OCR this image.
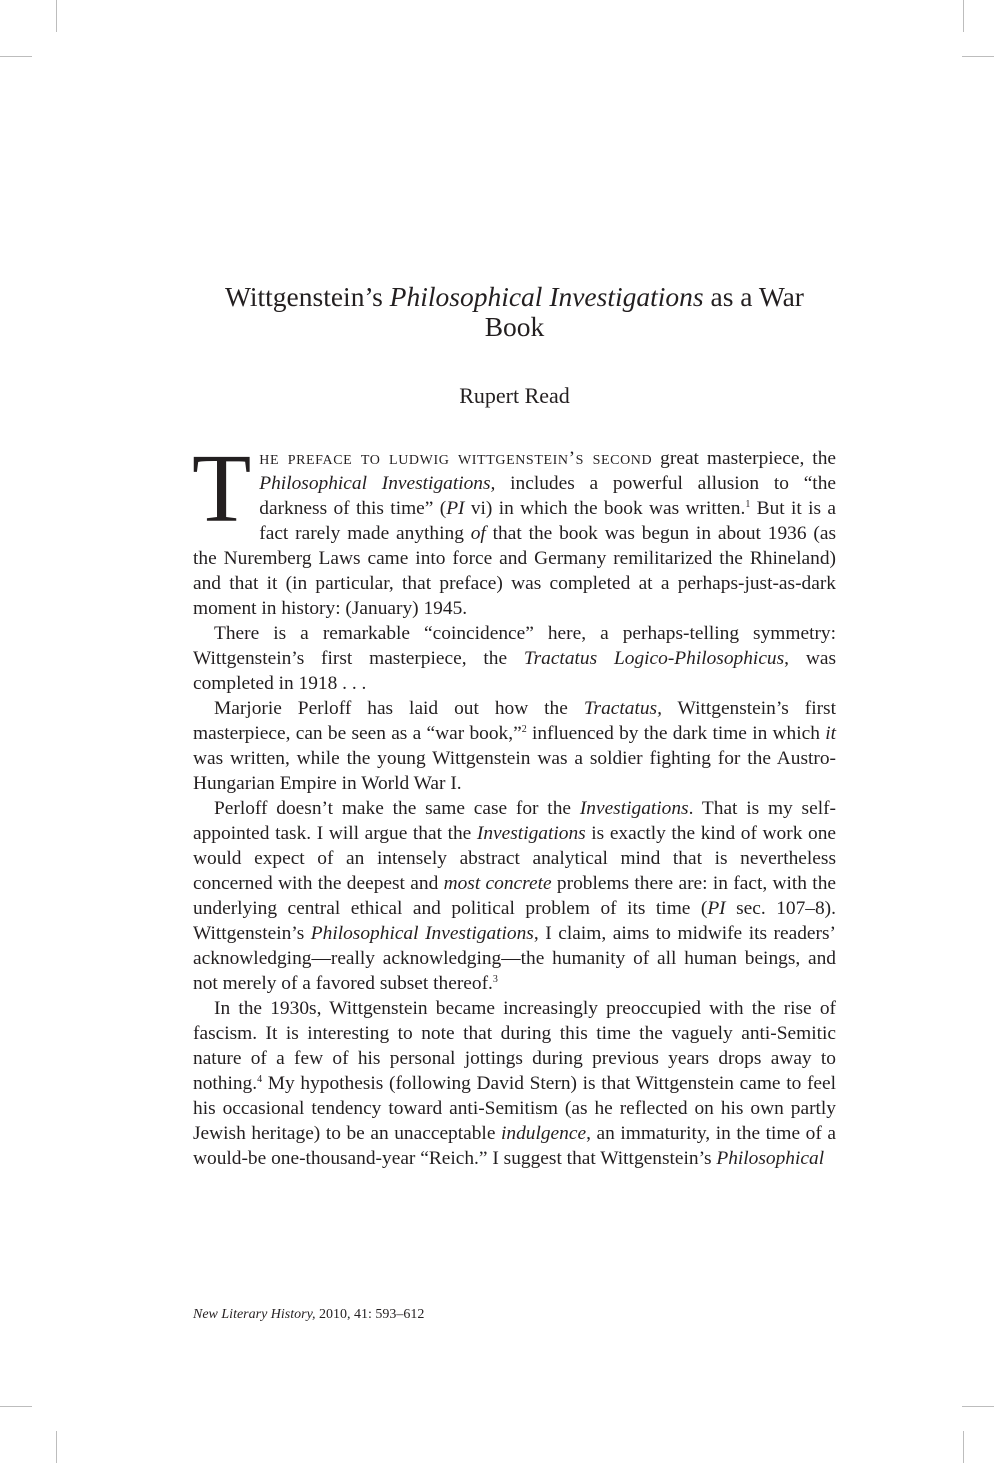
Wittgenstein’s Philosophical Investigations as a War Book
Rupert Read

The preface to ludwig wittgenstein’s second great masterpiece, the Philosophical Investigations, includes a powerful allusion to “the darkness of this time” (PI vi) in which the book was written.$^1$ But it is a fact rarely made anything of that the book was begun in about 1936 (as the Nuremberg Laws came into force and Germany remilitarized the Rhineland) and that it (in particular, that preface) was completed at a perhaps-just-as-dark moment in history: (January) 1945.

There is a remarkable “coincidence” here, a perhaps-telling symmetry: Wittgenstein’s first masterpiece, the Tractatus Logico-Philosophicus, was completed in 1918 . . .

Marjorie Perloff has laid out how the Tractatus, Wittgenstein’s first masterpiece, can be seen as a “war book,”$^2$ influenced by the dark time in which it was written, while the young Wittgenstein was a soldier fighting for the Austro-Hungarian Empire in World War I.

Perloff doesn’t make the same case for the Investigations. That is my self-appointed task. I will argue that the Investigations is exactly the kind of work one would expect of an intensely abstract analytical mind that is nevertheless concerned with the deepest and most concrete problems there are: in fact, with the underlying central ethical and political problem of its time (PI sec. 107–8). Wittgenstein’s Philosophical Investigations, I claim, aims to midwife its readers’ acknowledging—really acknowledging—the humanity of all human beings, and not merely of a favored subset thereof.$^3$

In the 1930s, Wittgenstein became increasingly preoccupied with the rise of fascism. It is interesting to note that during this time the vaguely anti-Semitic nature of a few of his personal jottings during previous years drops away to nothing.$^4$ My hypothesis (following David Stern) is that Wittgenstein came to feel his occasional tendency toward anti-Semitism (as he reflected on his own partly Jewish heritage) to be an unacceptable indulgence, an immaturity, in the time of a would-be one-thousand-year “Reich.” I suggest that Wittgenstein’s Philosophical

New Literary History, 2010, 41: 593–612
